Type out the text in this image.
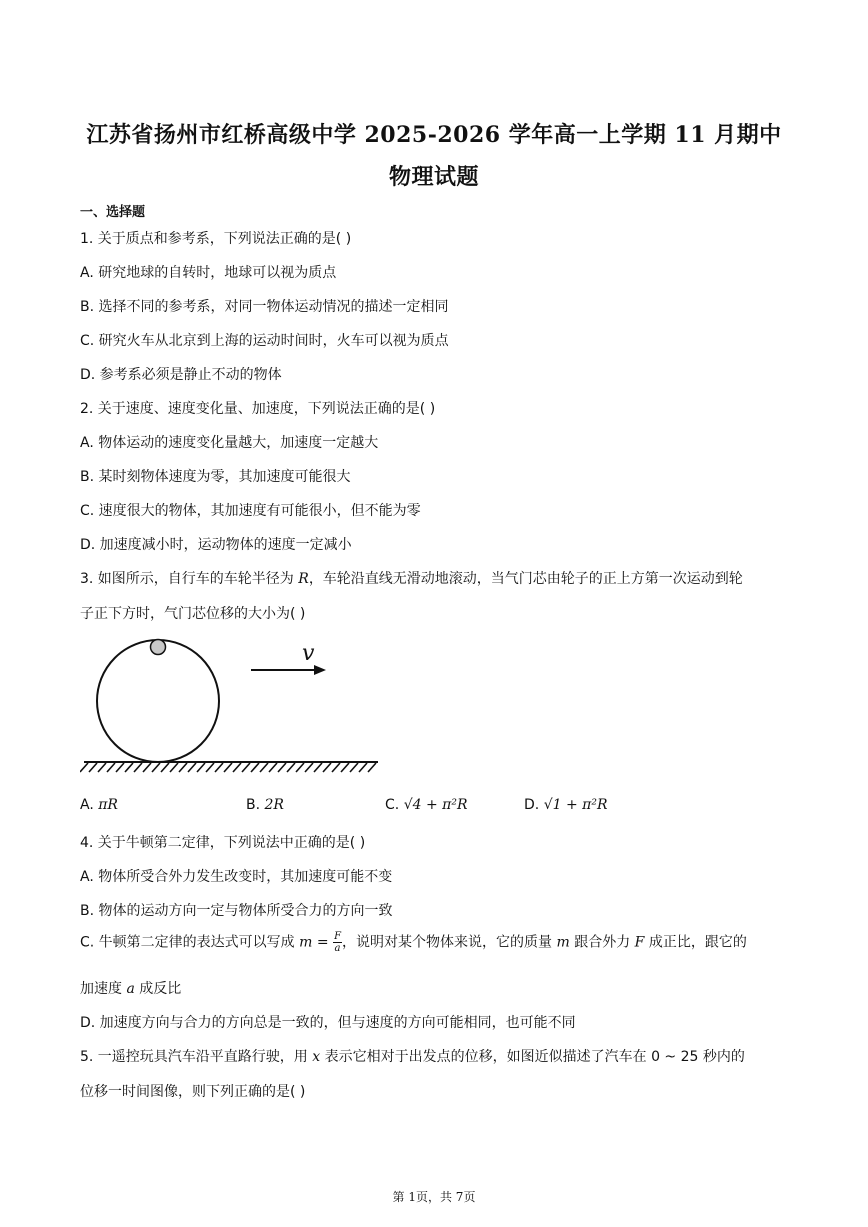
江苏省扬州市红桥高级中学 2025-2026 学年高一上学期 11 月期中
物理试题
一、选择题
1. 关于质点和参考系，下列说法正确的是( )
A. 研究地球的自转时，地球可以视为质点
B. 选择不同的参考系，对同一物体运动情况的描述一定相同
C. 研究火车从北京到上海的运动时间时，火车可以视为质点
D. 参考系必须是静止不动的物体
2. 关于速度、速度变化量、加速度，下列说法正确的是( )
A. 物体运动的速度变化量越大，加速度一定越大
B. 某时刻物体速度为零，其加速度可能很大
C. 速度很大的物体，其加速度有可能很小，但不能为零
D. 加速度减小时，运动物体的速度一定减小
3. 如图所示，自行车的车轮半径为 R，车轮沿直线无滑动地滚动，当气门芯由轮子的正上方第一次运动到轮
子正下方时，气门芯位移的大小为( )
v
A. πR	B. 2R	C. √4 + π²R	D. √1 + π²R
4. 关于牛顿第二定律，下列说法中正确的是( )
A. 物体所受合外力发生改变时，其加速度可能不变
B. 物体的运动方向一定与物体所受合力的方向一致
C. 牛顿第二定律的表达式可以写成 $m = \frac{F}{a}$ ，说明对某个物体来说，它的质量 m 跟合外力 F 成正比，跟它的
加速度 a 成反比
D. 加速度方向与合力的方向总是一致的，但与速度的方向可能相同，也可能不同
5. 一遥控玩具汽车沿平直路行驶，用 x 表示它相对于出发点的位移，如图近似描述了汽车在 0 ~ 25 秒内的
位移一时间图像，则下列正确的是( )
第 1页，共 7页
